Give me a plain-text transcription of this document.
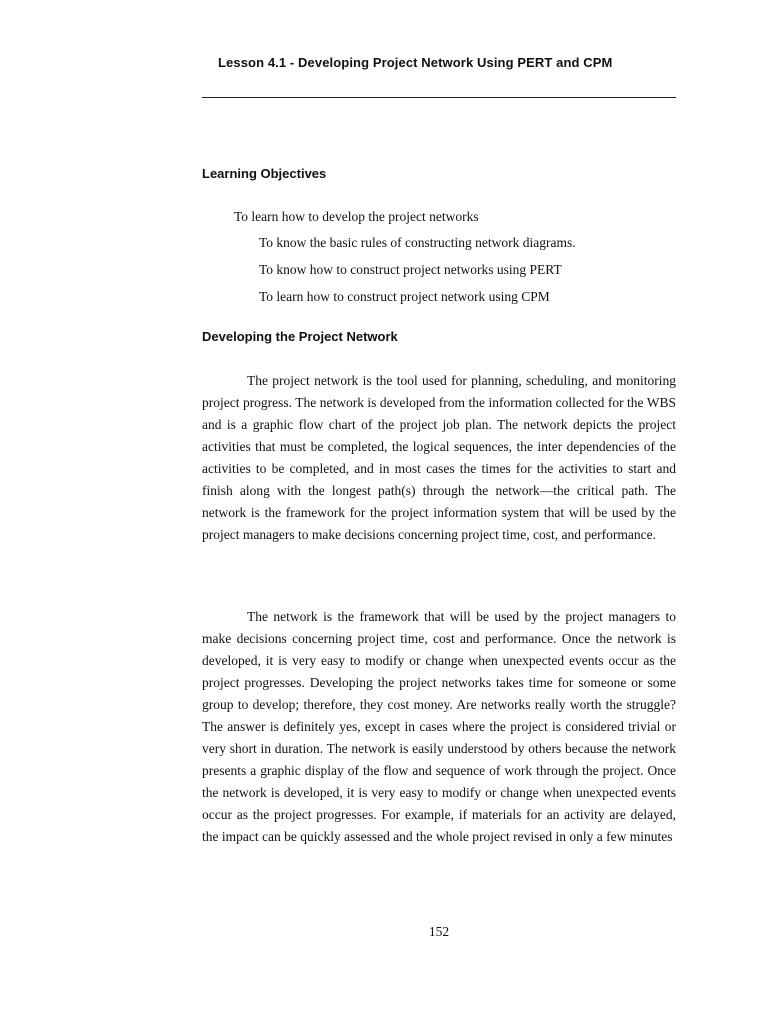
Lesson 4.1 - Developing Project Network Using PERT and CPM
Learning Objectives
To learn how to develop the project networks
To know the basic rules of constructing network diagrams.
To know how to construct project networks using PERT
To learn how to construct project network using CPM
Developing the Project Network

The project network is the tool used for planning, scheduling, and monitoring project progress. The network is developed from the information collected for the WBS and is a graphic flow chart of the project job plan. The network depicts the project activities that must be completed, the logical sequences, the inter dependencies of the activities to be completed, and in most cases the times for the activities to start and finish along with the longest path(s) through the network—the critical path. The network is the framework for the project information system that will be used by the project managers to make decisions concerning project time, cost, and performance.

The network is the framework that will be used by the project managers to make decisions concerning project time, cost and performance. Once the network is developed, it is very easy to modify or change when unexpected events occur as the project progresses. Developing the project networks takes time for someone or some group to develop; therefore, they cost money. Are networks really worth the struggle? The answer is definitely yes, except in cases where the project is considered trivial or very short in duration. The network is easily understood by others because the network presents a graphic display of the flow and sequence of work through the project. Once the network is developed, it is very easy to modify or change when unexpected events occur as the project progresses. For example, if materials for an activity are delayed, the impact can be quickly assessed and the whole project revised in only a few minutes

152
